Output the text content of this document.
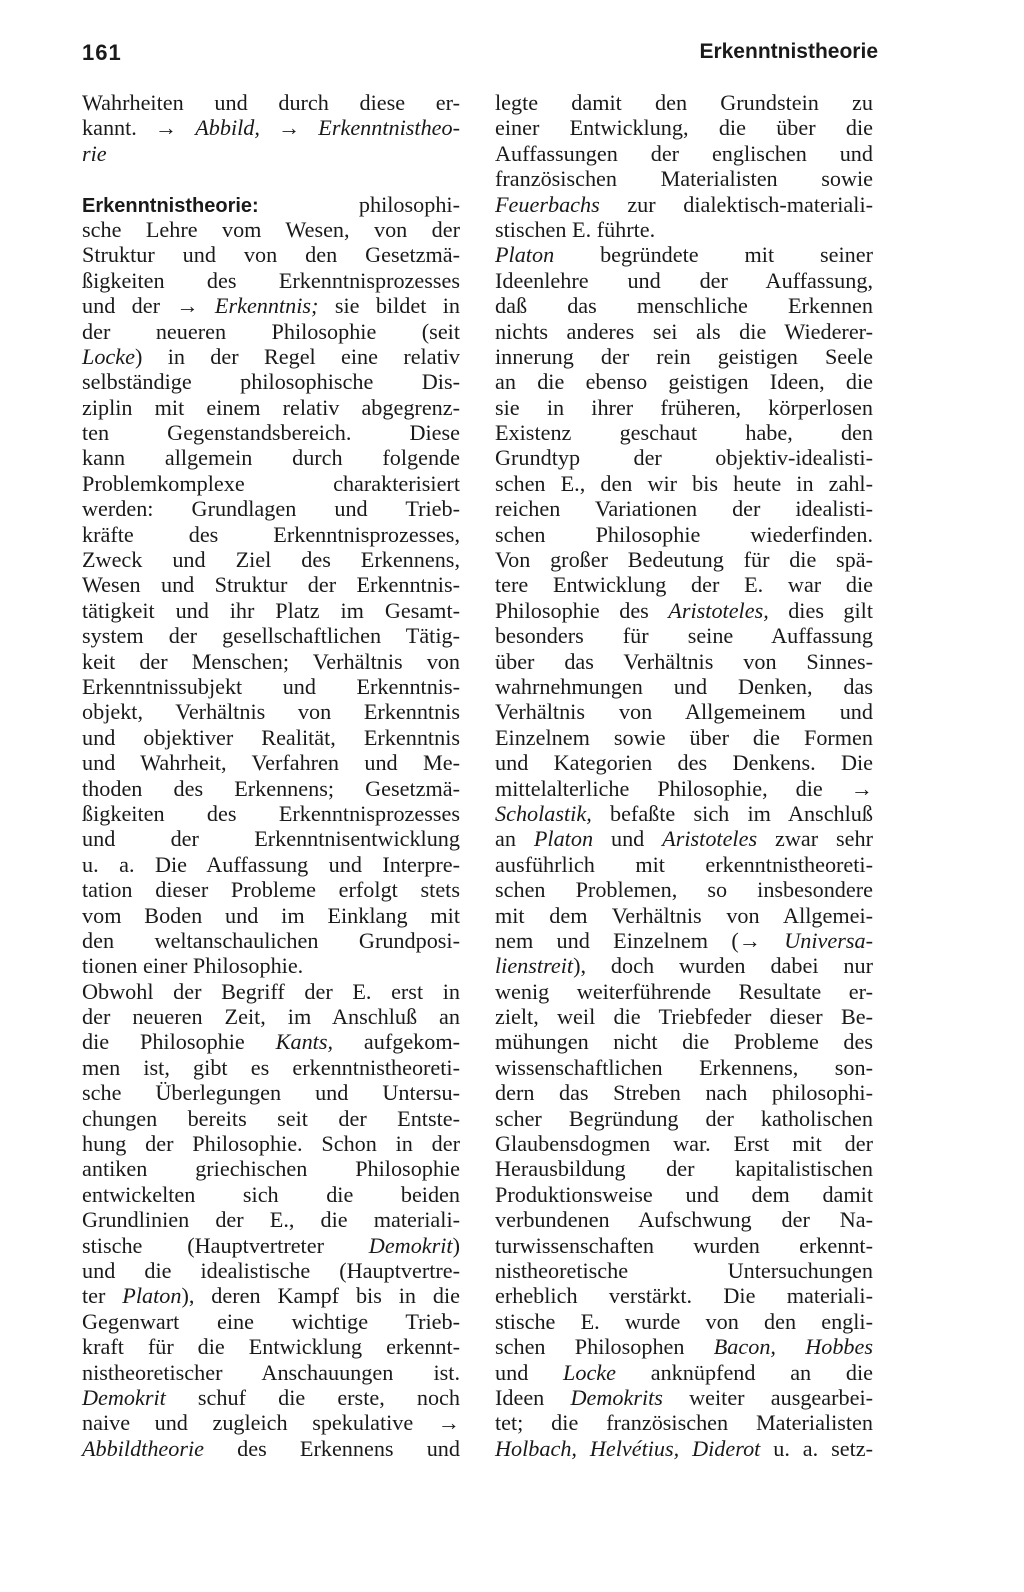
161	Erkenntnistheorie
Wahrheiten und durch diese er-
kannt. → Abbild, → Erkenntnistheo-
rie
Erkenntnistheorie: philosophi-
sche Lehre vom Wesen, von der
Struktur und von den Gesetzmä-
ßigkeiten des Erkenntnisprozesses
und der → Erkenntnis; sie bildet in
der neueren Philosophie (seit
Locke) in der Regel eine relativ
selbständige philosophische Dis-
ziplin mit einem relativ abgegrenz-
ten Gegenstandsbereich. Diese
kann allgemein durch folgende
Problemkomplexe charakterisiert
werden: Grundlagen und Trieb-
kräfte des Erkenntnisprozesses,
Zweck und Ziel des Erkennens,
Wesen und Struktur der Erkenntnis-
tätigkeit und ihr Platz im Gesamt-
system der gesellschaftlichen Tätig-
keit der Menschen; Verhältnis von
Erkenntnissubjekt und Erkenntnis-
objekt, Verhältnis von Erkenntnis
und objektiver Realität, Erkenntnis
und Wahrheit, Verfahren und Me-
thoden des Erkennens; Gesetzmä-
ßigkeiten des Erkenntnisprozesses
und der Erkenntnisentwicklung
u. a. Die Auffassung und Interpre-
tation dieser Probleme erfolgt stets
vom Boden und im Einklang mit
den weltanschaulichen Grundposi-
tionen einer Philosophie.
Obwohl der Begriff der E. erst in
der neueren Zeit, im Anschluß an
die Philosophie Kants, aufgekom-
men ist, gibt es erkenntnistheoreti-
sche Überlegungen und Untersu-
chungen bereits seit der Entste-
hung der Philosophie. Schon in der
antiken griechischen Philosophie
entwickelten sich die beiden
Grundlinien der E., die materiali-
stische (Hauptvertreter Demokrit)
und die idealistische (Hauptvertre-
ter Platon), deren Kampf bis in die
Gegenwart eine wichtige Trieb-
kraft für die Entwicklung erkennt-
nistheoretischer Anschauungen ist.
Demokrit schuf die erste, noch
naive und zugleich spekulative →
Abbildtheorie des Erkennens und
legte damit den Grundstein zu
einer Entwicklung, die über die
Auffassungen der englischen und
französischen Materialisten sowie
Feuerbachs zur dialektisch-materiali-
stischen E. führte.
Platon begründete mit seiner
Ideenlehre und der Auffassung,
daß das menschliche Erkennen
nichts anderes sei als die Wiederer-
innerung der rein geistigen Seele
an die ebenso geistigen Ideen, die
sie in ihrer früheren, körperlosen
Existenz geschaut habe, den
Grundtyp der objektiv-idealisti-
schen E., den wir bis heute in zahl-
reichen Variationen der idealisti-
schen Philosophie wiederfinden.
Von großer Bedeutung für die spä-
tere Entwicklung der E. war die
Philosophie des Aristoteles, dies gilt
besonders für seine Auffassung
über das Verhältnis von Sinnes-
wahrnehmungen und Denken, das
Verhältnis von Allgemeinem und
Einzelnem sowie über die Formen
und Kategorien des Denkens. Die
mittelalterliche Philosophie, die →
Scholastik, befaßte sich im Anschluß
an Platon und Aristoteles zwar sehr
ausführlich mit erkenntnistheoreti-
schen Problemen, so insbesondere
mit dem Verhältnis von Allgemei-
nem und Einzelnem (→ Universa-
lienstreit), doch wurden dabei nur
wenig weiterführende Resultate er-
zielt, weil die Triebfeder dieser Be-
mühungen nicht die Probleme des
wissenschaftlichen Erkennens, son-
dern das Streben nach philosophi-
scher Begründung der katholischen
Glaubensdogmen war. Erst mit der
Herausbildung der kapitalistischen
Produktionsweise und dem damit
verbundenen Aufschwung der Na-
turwissenschaften wurden erkennt-
nistheoretische Untersuchungen
erheblich verstärkt. Die materiali-
stische E. wurde von den engli-
schen Philosophen Bacon, Hobbes
und Locke anknüpfend an die
Ideen Demokrits weiter ausgearbei-
tet; die französischen Materialisten
Holbach, Helvétius, Diderot u. a. setz-
